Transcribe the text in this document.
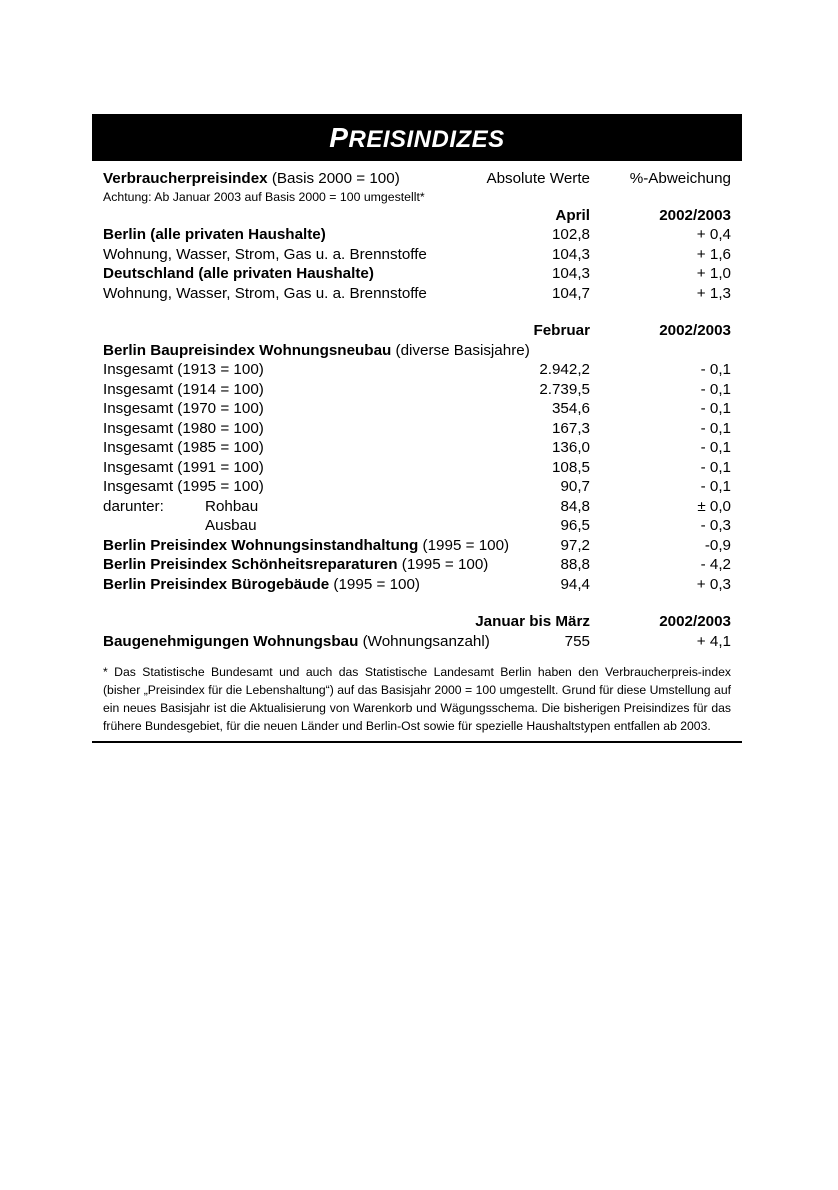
PREISINDIZES
Verbraucherpreisindex (Basis 2000 = 100)	Absolute Werte	%-Abweichung
Achtung: Ab Januar 2003 auf Basis 2000 = 100 umgestellt*
April	2002/2003
Berlin (alle privaten Haushalte)	102,8	+ 0,4
Wohnung, Wasser, Strom, Gas u. a. Brennstoffe	104,3	+ 1,6
Deutschland (alle privaten Haushalte)	104,3	+ 1,0
Wohnung, Wasser, Strom, Gas u. a. Brennstoffe	104,7	+ 1,3
Februar	2002/2003
Berlin Baupreisindex Wohnungsneubau (diverse Basisjahre)
Insgesamt (1913 = 100)	2.942,2	- 0,1
Insgesamt (1914 = 100)	2.739,5	- 0,1
Insgesamt (1970 = 100)	354,6	- 0,1
Insgesamt (1980 = 100)	167,3	- 0,1
Insgesamt (1985 = 100)	136,0	- 0,1
Insgesamt (1991 = 100)	108,5	- 0,1
Insgesamt (1995 = 100)	90,7	- 0,1
darunter:	Rohbau	84,8	± 0,0
Ausbau	96,5	- 0,3
Berlin Preisindex Wohnungsinstandhaltung (1995 = 100)	97,2	-0,9
Berlin Preisindex Schönheitsreparaturen (1995 = 100)	88,8	- 4,2
Berlin Preisindex Bürogebäude (1995 = 100)	94,4	+ 0,3
Januar bis März	2002/2003
Baugenehmigungen Wohnungsbau (Wohnungsanzahl)	755	+ 4,1
* Das Statistische Bundesamt und auch das Statistische Landesamt Berlin haben den Verbraucherpreis-index (bisher „Preisindex für die Lebenshaltung“) auf das Basisjahr 2000 = 100 umgestellt. Grund für diese Umstellung auf ein neues Basisjahr ist die Aktualisierung von Warenkorb und Wägungsschema. Die bisherigen Preisindizes für das frühere Bundesgebiet, für die neuen Länder und Berlin-Ost sowie für spezielle Haushaltstypen entfallen ab 2003.
